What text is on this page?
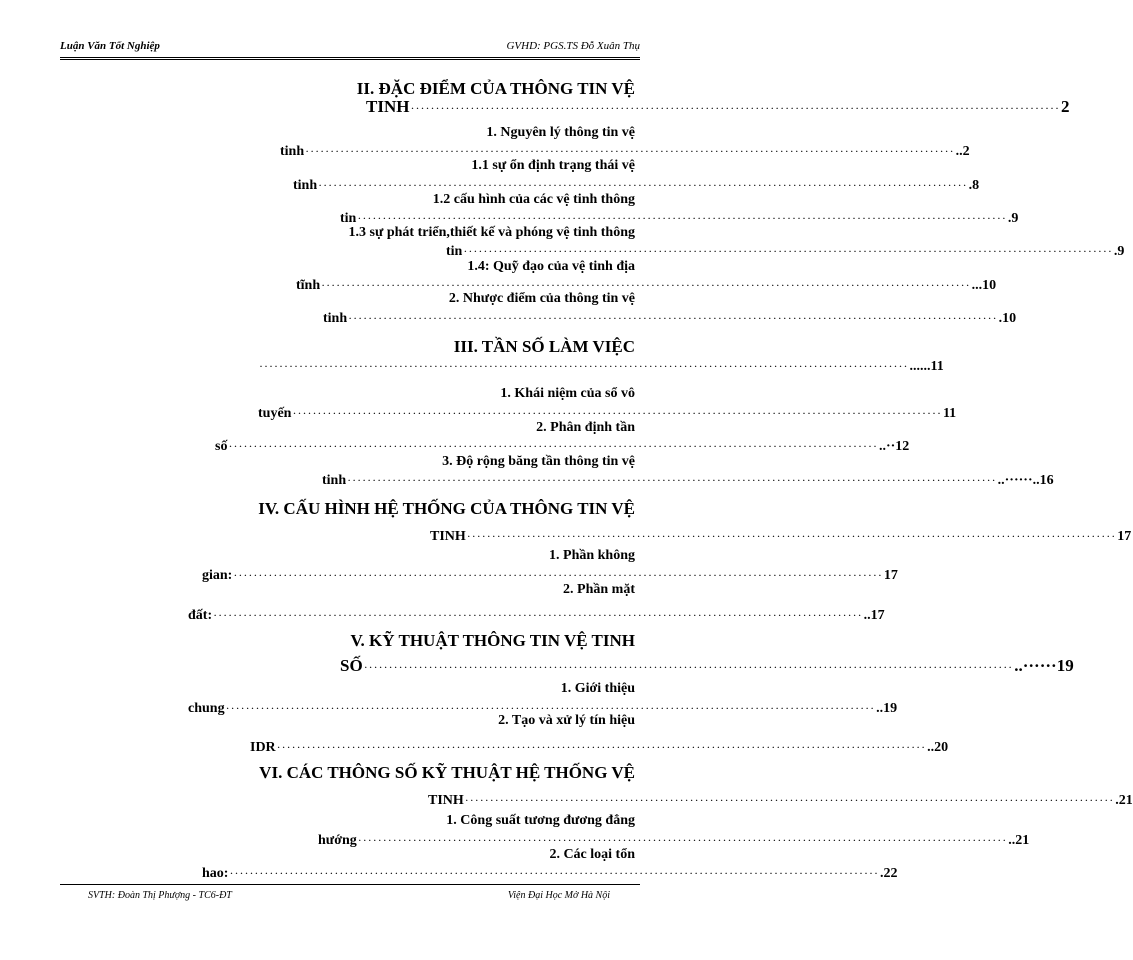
Luận Văn Tốt Nghiệp	GVHD: PGS.TS Đỗ Xuân Thụ
II. ĐẶC ĐIỂM CỦA THÔNG TIN VỆ
TINH ·································································································································· 2
1. Nguyên lý thông tin vệ
tinh ·································································································································· ..2
1.1 sự ổn định trạng thái vệ
tinh ·································································································································· .8
1.2 cấu hình của các vệ tinh thông
tin ·································································································································· .9
1.3 sự phát triển,thiết kế và phóng vệ tinh thông
tin ·································································································································· .9
1.4: Quỹ đạo của vệ tinh địa
tĩnh ·································································································································· ...10
2. Nhược điểm của thông tin vệ
tinh ·································································································································· .10
III. TẦN SỐ LÀM VIỆC
·································································································································· ......11
1. Khái niệm của sổ vô
tuyến ·································································································································· 11
2. Phân định tần
số ·································································································································· ..··12
3. Độ rộng băng tần thông tin vệ
tinh ·································································································································· ..······..16
IV. CẤU HÌNH HỆ THỐNG CỦA THÔNG TIN VỆ
TINH ·································································································································· 17
1. Phần không
gian: ·································································································································· 17
2. Phần mặt
đất: ·································································································································· ..17
V. KỸ THUẬT THÔNG TIN VỆ TINH
SỐ ·································································································································· ..······19
1. Giới thiệu
chung ·································································································································· ..19
2. Tạo và xử lý tín hiệu
IDR ·································································································································· ..20
VI. CÁC THÔNG SỐ KỸ THUẬT HỆ THỐNG VỆ
TINH ·································································································································· .21
1. Công suất tương đương đẳng
hướng ·································································································································· ..21
2. Các loại tổn
hao: ·································································································································· .22
SVTH: Đoàn Thị Phượng - TC6-ĐT	Viện Đại Học Mở Hà Nội
